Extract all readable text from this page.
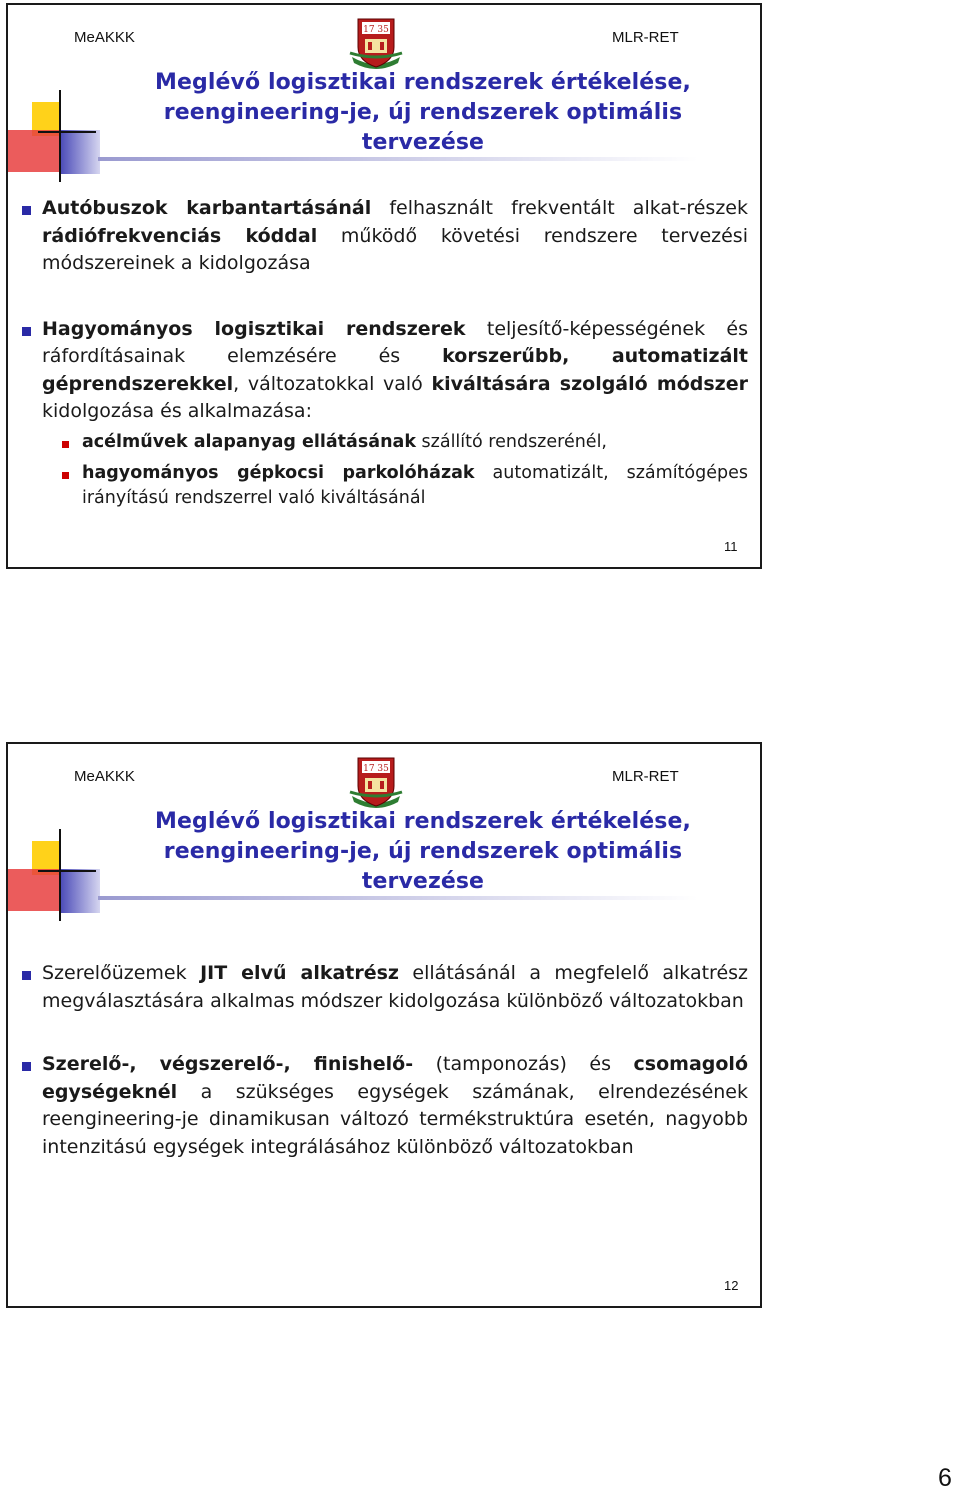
MeAKKK	17 35	MLR-RET
Meglévő logisztikai rendszerek értékelése,
reengineering-je, új rendszerek optimális
tervezése

Autóbuszok karbantartásánál felhasznált frekventált alkat-részek rádiófrekvenciás kóddal működő követési rendszere tervezési módszereinek a kidolgozása

Hagyományos logisztikai rendszerek teljesítő-képességének és ráfordításainak elemzésére és korszerűbb, automatizált géprendszerekkel, változatokkal való kiváltására szolgáló módszer kidolgozása és alkalmazása:

acélművek alapanyag ellátásának szállító rendszerénél,

hagyományos gépkocsi parkolóházak automatizált, számítógépes irányítású rendszerrel való kiváltásánál

11
MeAKKK	17 35	MLR-RET
Meglévő logisztikai rendszerek értékelése,
reengineering-je, új rendszerek optimális
tervezése

Szerelőüzemek JIT elvű alkatrész ellátásánál a megfelelő alkatrész megválasztására alkalmas módszer kidolgozása különböző változatokban

Szerelő-, végszerelő-, finishelő- (tamponozás) és csomagoló egységeknél a szükséges egységek számának, elrendezésének reengineering-je dinamikusan változó termékstruktúra esetén, nagyobb intenzitású egységek integrálásához különböző változatokban

12
6
